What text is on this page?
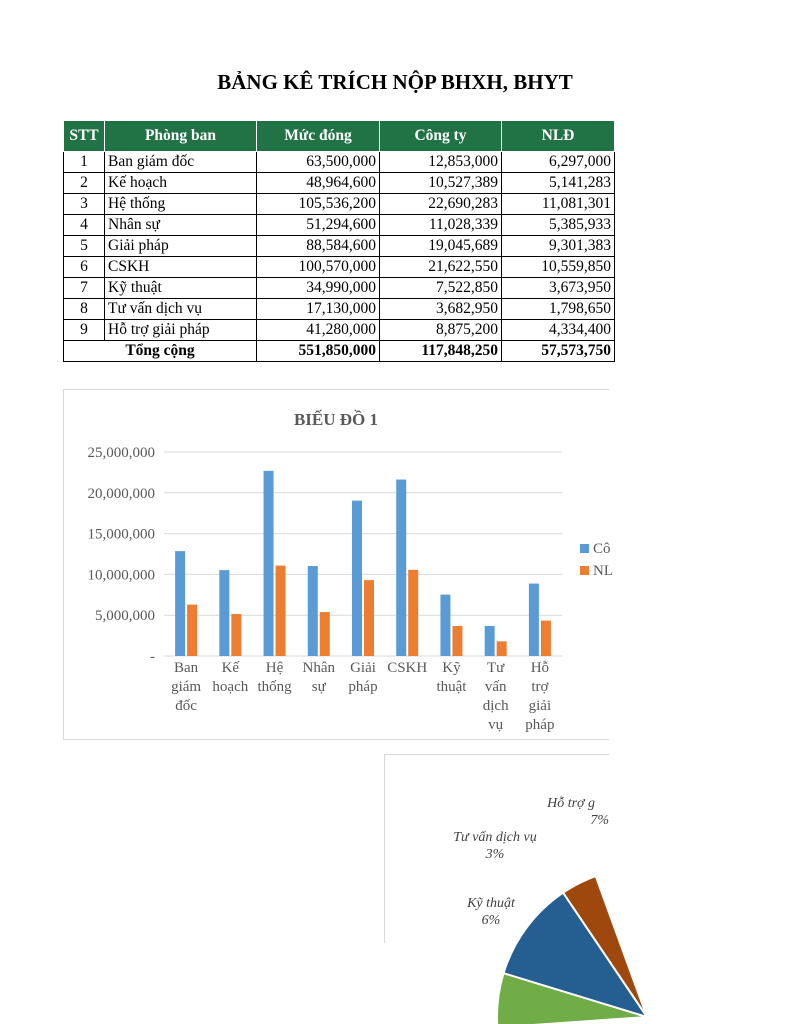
BẢNG KÊ TRÍCH NỘP BHXH, BHYT
STT	Phòng ban	Mức đóng	Công ty	NLĐ
1	Ban giám đốc	63,500,000	12,853,000	6,297,000
2	Kế hoạch	48,964,600	10,527,389	5,141,283
3	Hệ thống	105,536,200	22,690,283	11,081,301
4	Nhân sự	51,294,600	11,028,339	5,385,933
5	Giải pháp	88,584,600	19,045,689	9,301,383
6	CSKH	100,570,000	21,622,550	10,559,850
7	Kỹ thuật	34,990,000	7,522,850	3,673,950
8	Tư vấn dịch vụ	17,130,000	3,682,950	1,798,650
9	Hỗ trợ giải pháp	41,280,000	8,875,200	4,334,400
Tổng cộng		551,850,000	117,848,250	57,573,750
BIẾU ĐỒ 1
-
5,000,000
10,000,000
15,000,000
20,000,000
25,000,000
Ban
giám
đốc
Kế
hoạch
Hệ
thống
Nhân
sự
Giải
pháp
CSKH Kỹ
thuật
Tư
vấn
dịch
vụ
Hỗ
trợ
giải
pháp
Cô
NL
Hỗ trợ g
7%
Tư vấn dịch vụ
3%
Kỹ thuật
6%
